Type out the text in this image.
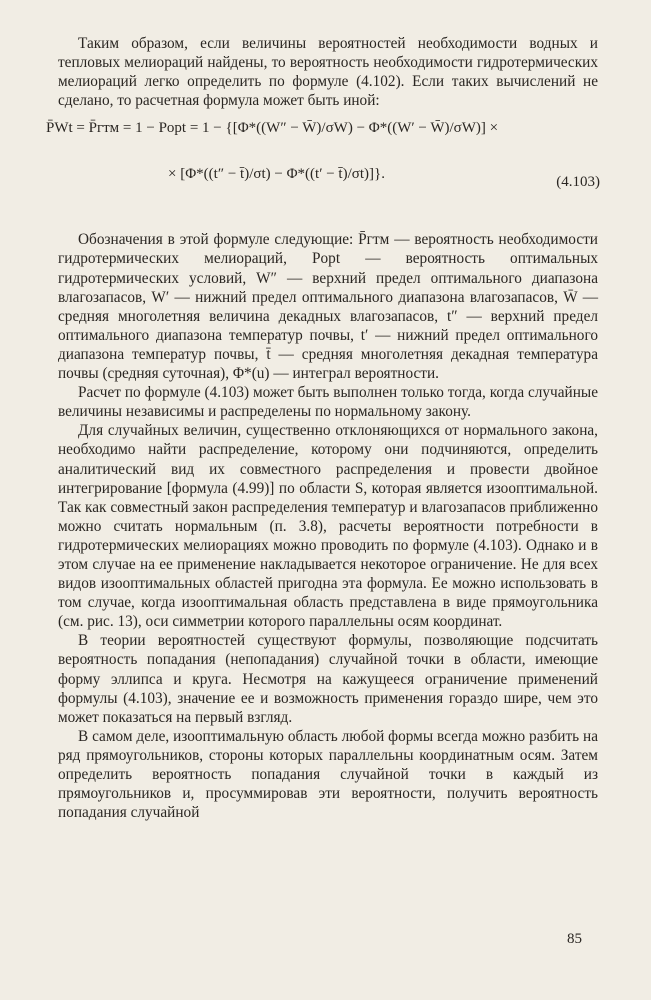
Таким образом, если величины вероятностей необходимости водных и тепловых мелиораций найдены, то вероятность необходимости гидротермических мелиораций легко определить по формуле (4.102). Если таких вычислений не сделано, то расчетная формула может быть иной:

P̄Wt = P̄гтм = 1 − Popt = 1 − {[Φ*((W″ − W̄)/σW) − Φ*((W′ − W̄)/σW)] ×
× [Φ*((t″ − t̄)/σt) − Φ*((t′ − t̄)/σt)]}.	(4.103)

Обозначения в этой формуле следующие: P̄гтм — вероятность необходимости гидротермических мелиораций, Popt — вероятность оптимальных гидротермических условий, W″ — верхний предел оптимального диапазона влагозапасов, W′ — нижний предел оптимального диапазона влагозапасов, W̄ — средняя многолетняя величина декадных влагозапасов, t″ — верхний предел оптимального диапазона температур почвы, t′ — нижний предел оптимального диапазона температур почвы, t̄ — средняя многолетняя декадная температура почвы (средняя суточная), Φ*(u) — интеграл вероятности.

Расчет по формуле (4.103) может быть выполнен только тогда, когда случайные величины независимы и распределены по нормальному закону.

Для случайных величин, существенно отклоняющихся от нормального закона, необходимо найти распределение, которому они подчиняются, определить аналитический вид их совместного распределения и провести двойное интегрирование [формула (4.99)] по области S, которая является изооптимальной. Так как совместный закон распределения температур и влагозапасов приближенно можно считать нормальным (п. 3.8), расчеты вероятности потребности в гидротермических мелиорациях можно проводить по формуле (4.103). Однако и в этом случае на ее применение накладывается некоторое ограничение. Не для всех видов изооптимальных областей пригодна эта формула. Ее можно использовать в том случае, когда изооптимальная область представлена в виде прямоугольника (см. рис. 13), оси симметрии которого параллельны осям координат.

В теории вероятностей существуют формулы, позволяющие подсчитать вероятность попадания (непопадания) случайной точки в области, имеющие форму эллипса и круга. Несмотря на кажущееся ограничение применений формулы (4.103), значение ее и возможность применения гораздо шире, чем это может показаться на первый взгляд.

В самом деле, изооптимальную область любой формы всегда можно разбить на ряд прямоугольников, стороны которых параллельны координатным осям. Затем определить вероятность попадания случайной точки в каждый из прямоугольников и, просуммировав эти вероятности, получить вероятность попадания случайной

85
